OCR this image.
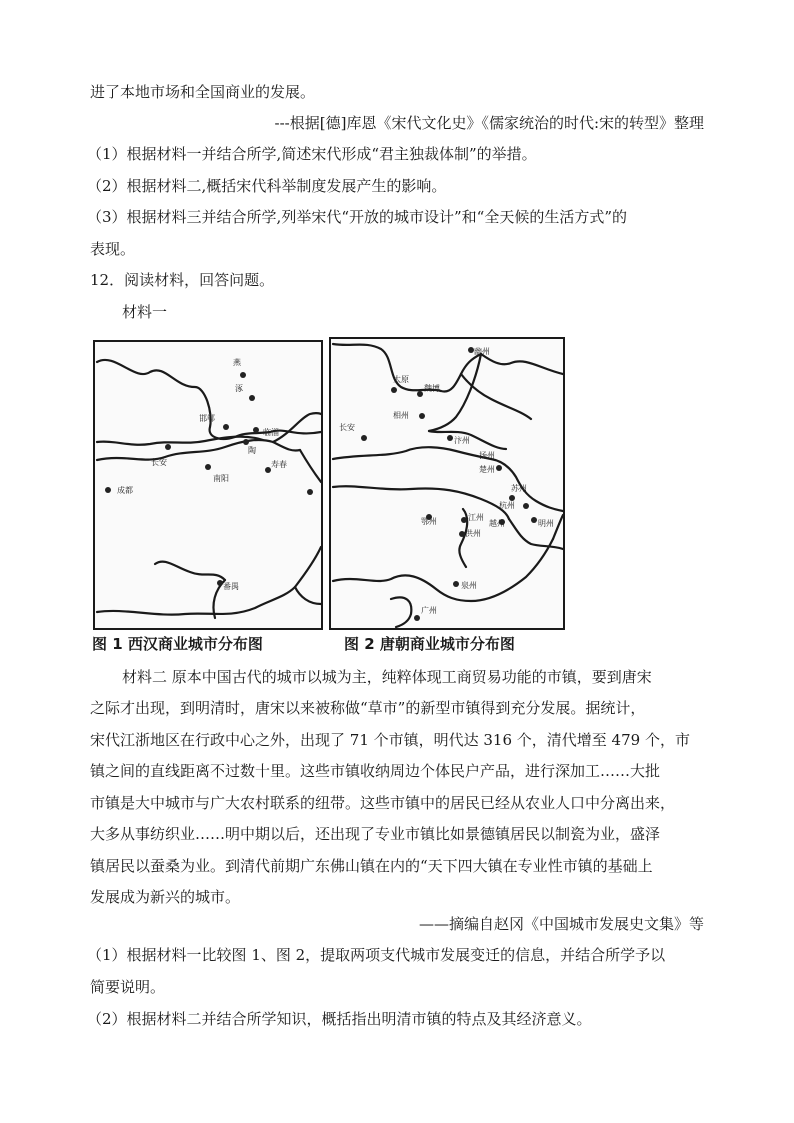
进了本地市场和全国商业的发展。
---根据[德]库恩《宋代文化史》《儒家统治的时代:宋的转型》整理
（1）根据材料一并结合所学,简述宋代形成“君主独裁体制”的举措。
（2）根据材料二,概括宋代科举制度发展产生的影响。
（3）根据材料三并结合所学,列举宋代“开放的城市设计”和“全天候的生活方式”的
表现。
12．阅读材料，回答问题。
材料一
燕
涿
邯郸
临淄
陶
长安
南阳
寿春
成都
番禺
幽州
太原
魏博
相州
汴州
长安
扬州
楚州
苏州
杭州
鄂州	江州
洪州
越州	明州
泉州
广州
图 1 西汉商业城市分布图	图 2 唐朝商业城市分布图
材料二 原本中国古代的城市以城为主，纯粹体现工商贸易功能的市镇，要到唐宋
之际才出现，到明清时，唐宋以来被称做“草市”的新型市镇得到充分发展。据统计，
宋代江浙地区在行政中心之外，出现了 71 个市镇，明代达 316 个，清代增至 479 个，市
镇之间的直线距离不过数十里。这些市镇收纳周边个体民户产品，进行深加工……大批
市镇是大中城市与广大农村联系的纽带。这些市镇中的居民已经从农业人口中分离出来，
大多从事纺织业……明中期以后，还出现了专业市镇比如景德镇居民以制瓷为业，盛泽
镇居民以蚕桑为业。到清代前期广东佛山镇在内的“天下四大镇在专业性市镇的基础上
发展成为新兴的城市。
——摘编自赵冈《中国城市发展史文集》等
（1）根据材料一比较图 1、图 2，提取两项支代城市发展变迁的信息，并结合所学予以
简要说明。
（2）根据材料二并结合所学知识，概括指出明清市镇的特点及其经济意义。
